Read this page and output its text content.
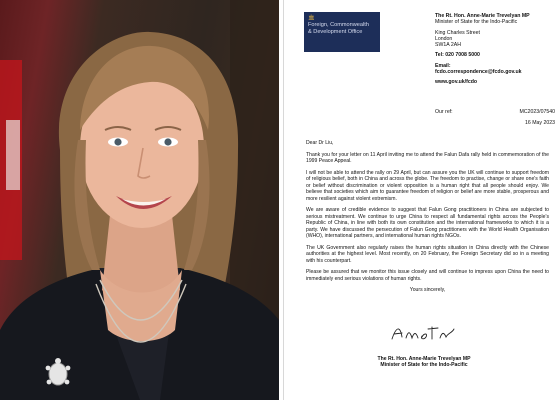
🏛
Foreign, Commonwealth
& Development Office
The Rt. Hon. Anne-Marie Trevelyan MP
Minister of State for the Indo-Pacific
King Charles Street
London
SW1A 2AH
Tel: 020 7008 5000
Email:
fcdo.correspondence@fcdo.gov.uk
www.gov.uk/fcdo
Our ref:	MC2023/07540
16 May 2023

Dear Dr Liu,

Thank you for your letter on 11 April inviting me to attend the Falun Dafa rally held in commemoration of the 1999 Peace Appeal.

I will not be able to attend the rally on 29 April, but can assure you the UK will continue to support freedom of religious belief, both in China and across the globe. The freedom to practise, change or share one's faith or belief without discrimination or violent opposition is a human right that all people should enjoy. We believe that societies which aim to guarantee freedom of religion or belief are more stable, prosperous and more resilient against violent extremism.

We are aware of credible evidence to suggest that Falun Gong practitioners in China are subjected to serious mistreatment. We continue to urge China to respect all fundamental rights across the People's Republic of China, in line with both its own constitution and the international frameworks to which it is a party. We have discussed the persecution of Falun Gong practitioners with the World Health Organisation (WHO), international partners, and international human rights NGOs.

The UK Government also regularly raises the human rights situation in China directly with the Chinese authorities at the highest level. Most recently, on 20 February, the Foreign Secretary did so in a meeting with his counterpart.

Please be assured that we monitor this issue closely and will continue to impress upon China the need to immediately end serious violations of human rights.

Yours sincerely,

The Rt. Hon. Anne-Marie Trevelyan MP
Minister of State for the Indo-Pacific
